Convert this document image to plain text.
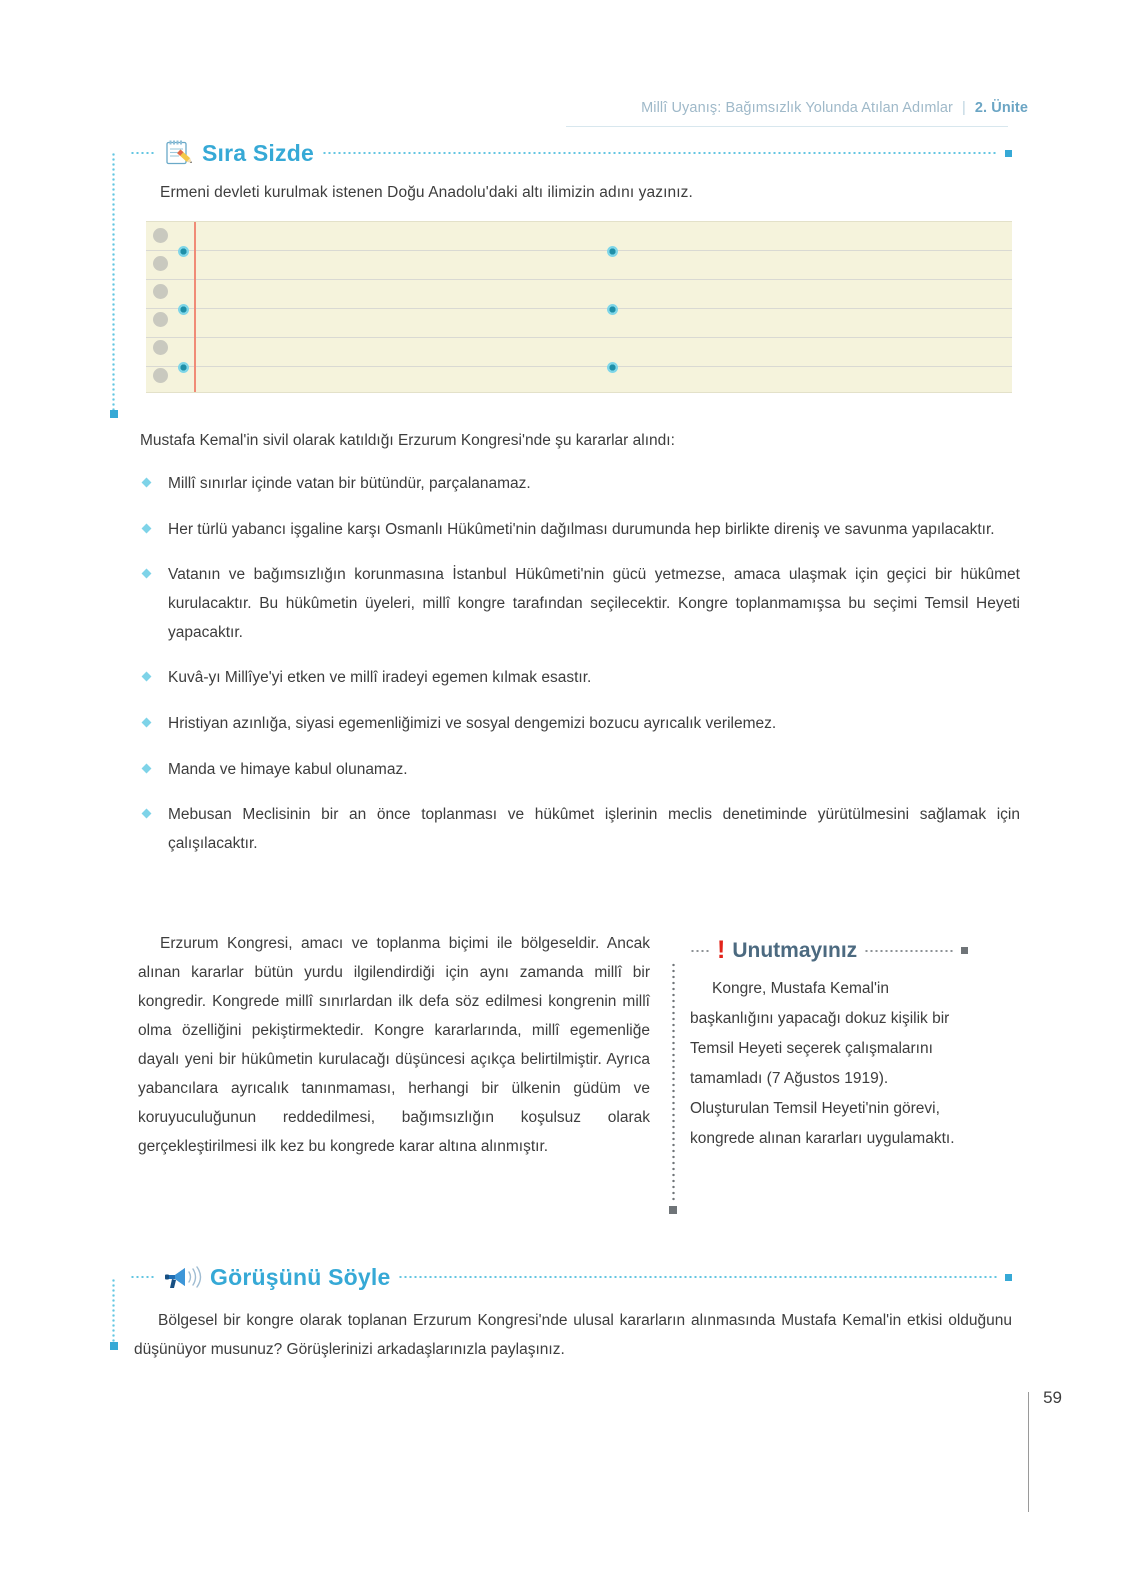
Millî Uyanış: Bağımsızlık Yolunda Atılan Adımlar | 2. Ünite
Sıra Sizde
Ermeni devleti kurulmak istenen Doğu Anadolu'daki altı ilimizin adını yazınız.
Mustafa Kemal'in sivil olarak katıldığı Erzurum Kongresi'nde şu kararlar alındı:
Millî sınırlar içinde vatan bir bütündür, parçalanamaz.
Her türlü yabancı işgaline karşı Osmanlı Hükûmeti'nin dağılması durumunda hep birlikte direniş ve savunma yapılacaktır.
Vatanın ve bağımsızlığın korunmasına İstanbul Hükûmeti'nin gücü yetmezse, amaca ulaşmak için geçici bir hükûmet kurulacaktır. Bu hükûmetin üyeleri, millî kongre tarafından seçilecektir. Kongre toplanmamışsa bu seçimi Temsil Heyeti yapacaktır.
Kuvâ-yı Millîye'yi etken ve millî iradeyi egemen kılmak esastır.
Hristiyan azınlığa, siyasi egemenliğimizi ve sosyal dengemizi bozucu ayrıcalık verilemez.
Manda ve himaye kabul olunamaz.
Mebusan Meclisinin bir an önce toplanması ve hükûmet işlerinin meclis denetiminde yürütülmesini sağlamak için çalışılacaktır.
Erzurum Kongresi, amacı ve toplanma biçimi ile bölgeseldir. Ancak alınan kararlar bütün yurdu ilgilendirdiği için aynı zamanda millî bir kongredir. Kongrede millî sınırlardan ilk defa söz edilmesi kongrenin millî olma özelliğini pekiştirmektedir. Kongre kararlarında, millî egemenliğe dayalı yeni bir hükûmetin kurulacağı düşüncesi açıkça belirtilmiştir. Ayrıca yabancılara ayrıcalık tanınmaması, herhangi bir ülkenin güdüm ve koruyuculuğunun reddedilmesi, bağımsızlığın koşulsuz olarak gerçekleştirilmesi ilk kez bu kongrede karar altına alınmıştır.
! Unutmayınız
Kongre, Mustafa Kemal'in başkanlığını yapacağı dokuz kişilik bir Temsil Heyeti seçerek çalışmalarını tamamladı (7 Ağustos 1919). Oluşturulan Temsil Heyeti'nin görevi, kongrede alınan kararları uygulamaktı.
Görüşünü Söyle
Bölgesel bir kongre olarak toplanan Erzurum Kongresi'nde ulusal kararların alınmasında Mustafa Kemal'in etkisi olduğunu düşünüyor musunuz? Görüşlerinizi arkadaşlarınızla paylaşınız.
59
